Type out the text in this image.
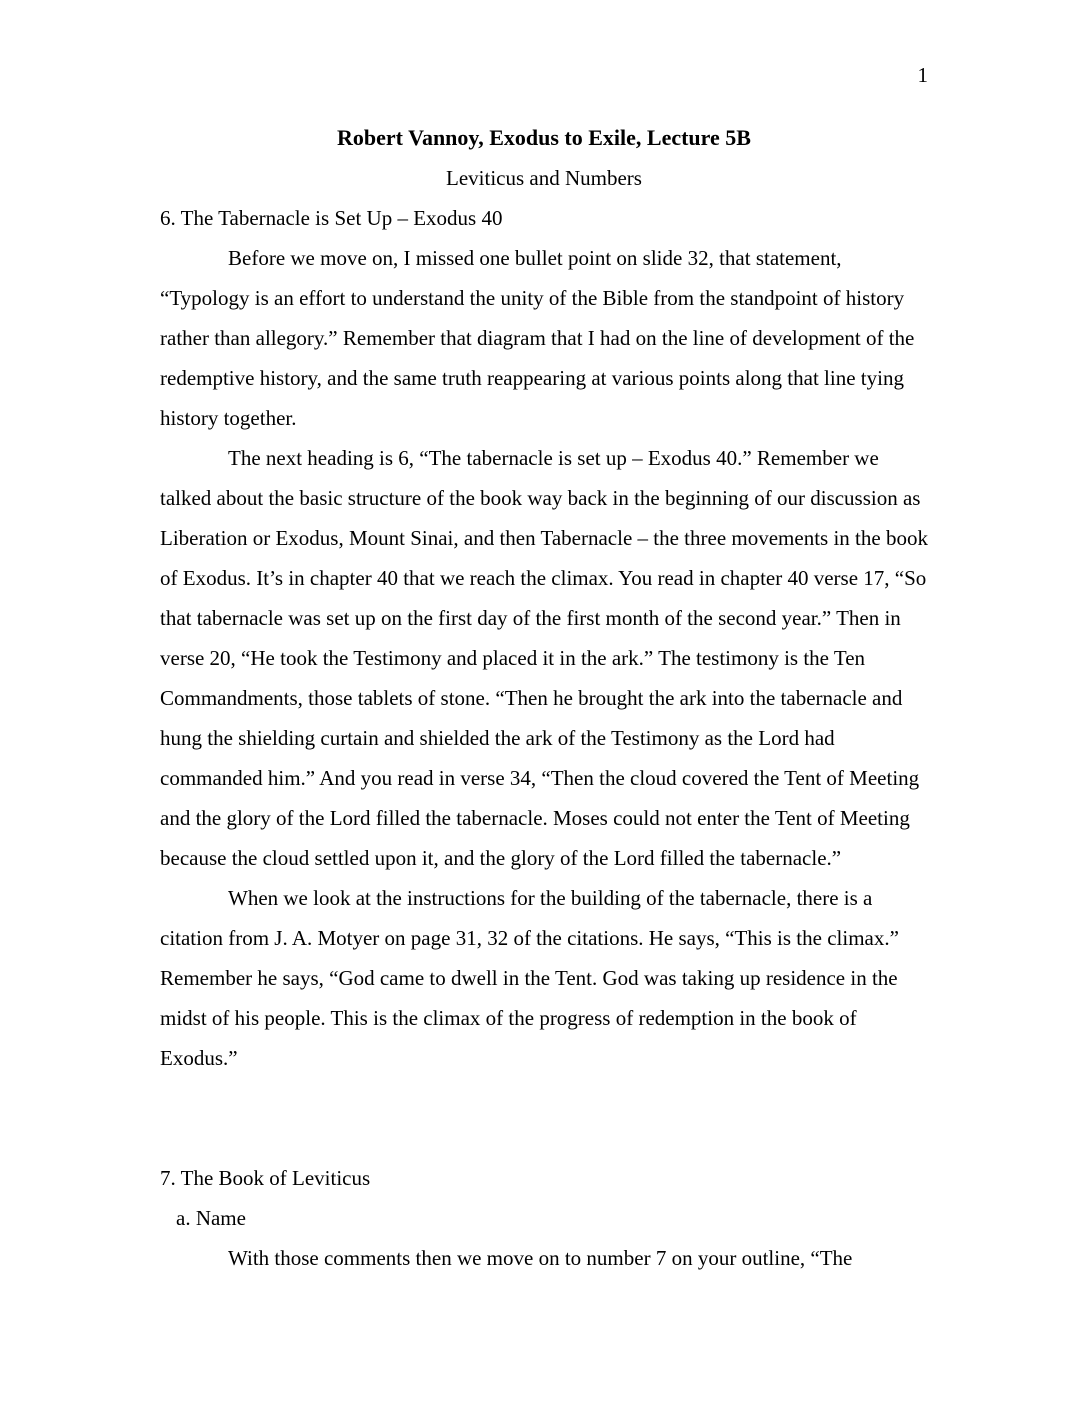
1
Robert Vannoy, Exodus to Exile, Lecture 5B
Leviticus and Numbers

6. The Tabernacle is Set Up – Exodus 40

Before we move on, I missed one bullet point on slide 32, that statement, “Typology is an effort to understand the unity of the Bible from the standpoint of history rather than allegory.” Remember that diagram that I had on the line of development of the redemptive history, and the same truth reappearing at various points along that line tying history together.

The next heading is 6, “The tabernacle is set up – Exodus 40.” Remember we talked about the basic structure of the book way back in the beginning of our discussion as Liberation or Exodus, Mount Sinai, and then Tabernacle – the three movements in the book of Exodus. It’s in chapter 40 that we reach the climax. You read in chapter 40 verse 17, “So that tabernacle was set up on the first day of the first month of the second year.” Then in verse 20, “He took the Testimony and placed it in the ark.” The testimony is the Ten Commandments, those tablets of stone. “Then he brought the ark into the tabernacle and hung the shielding curtain and shielded the ark of the Testimony as the Lord had commanded him.” And you read in verse 34, “Then the cloud covered the Tent of Meeting and the glory of the Lord filled the tabernacle. Moses could not enter the Tent of Meeting because the cloud settled upon it, and the glory of the Lord filled the tabernacle.”

When we look at the instructions for the building of the tabernacle, there is a citation from J. A. Motyer on page 31, 32 of the citations. He says, “This is the climax.” Remember he says, “God came to dwell in the Tent. God was taking up residence in the midst of his people. This is the climax of the progress of redemption in the book of Exodus.”

7. The Book of Leviticus

a. Name

With those comments then we move on to number 7 on your outline, “The
